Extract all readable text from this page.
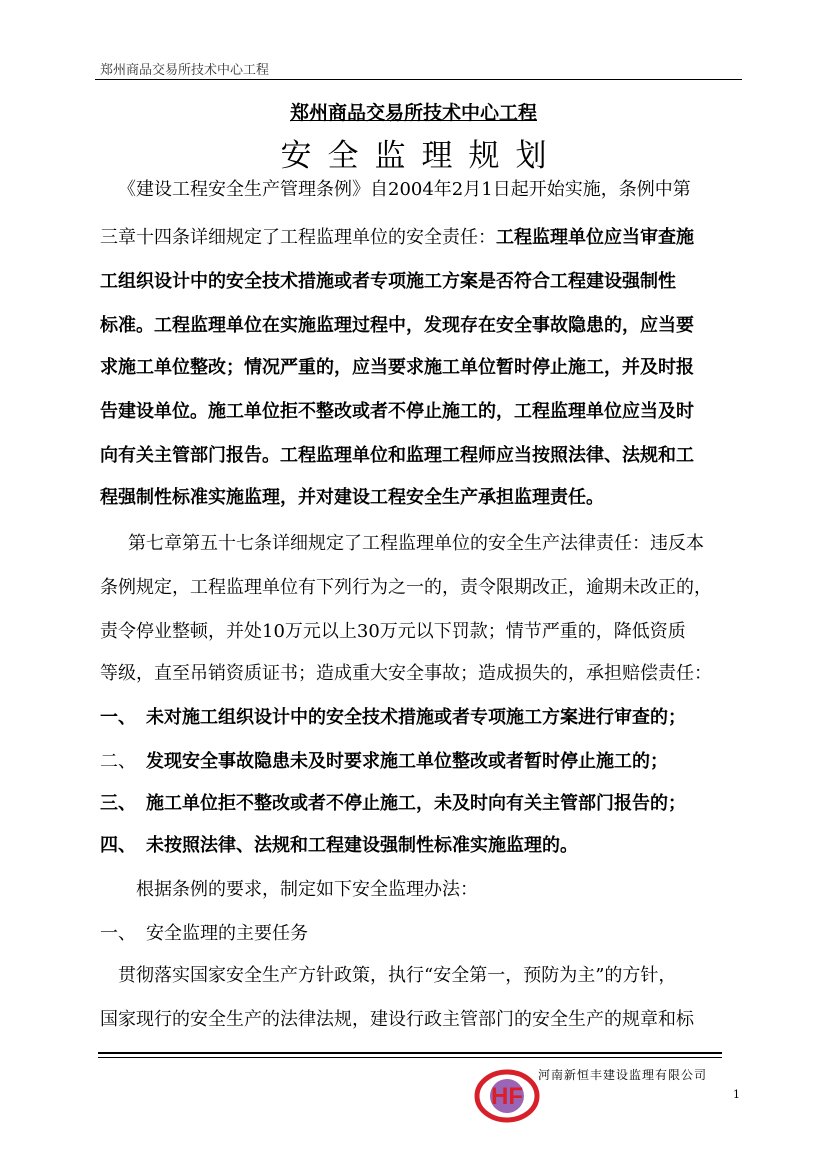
郑州商品交易所技术中心工程
郑州商品交易所技术中心工程
安全监理规划
《建设工程安全生产管理条例》自2004年2月1日起开始实施，条例中第
三章十四条详细规定了工程监理单位的安全责任：工程监理单位应当审查施
工组织设计中的安全技术措施或者专项施工方案是否符合工程建设强制性
标准。工程监理单位在实施监理过程中，发现存在安全事故隐患的，应当要
求施工单位整改；情况严重的，应当要求施工单位暂时停止施工，并及时报
告建设单位。施工单位拒不整改或者不停止施工的，工程监理单位应当及时
向有关主管部门报告。工程监理单位和监理工程师应当按照法律、法规和工
程强制性标准实施监理，并对建设工程安全生产承担监理责任。
第七章第五十七条详细规定了工程监理单位的安全生产法律责任：违反本
条例规定，工程监理单位有下列行为之一的，责令限期改正，逾期未改正的，
责令停业整顿，并处10万元以上30万元以下罚款；情节严重的，降低资质
等级，直至吊销资质证书；造成重大安全事故；造成损失的，承担赔偿责任：
一、 未对施工组织设计中的安全技术措施或者专项施工方案进行审查的；
二、 发现安全事故隐患未及时要求施工单位整改或者暂时停止施工的；
三、 施工单位拒不整改或者不停止施工，未及时向有关主管部门报告的；
四、 未按照法律、法规和工程建设强制性标准实施监理的。
根据条例的要求，制定如下安全监理办法：
一、 安全监理的主要任务
贯彻落实国家安全生产方针政策，执行“安全第一，预防为主”的方针，
国家现行的安全生产的法律法规，建设行政主管部门的安全生产的规章和标
HF
河南新恒丰建设监理有限公司
1
